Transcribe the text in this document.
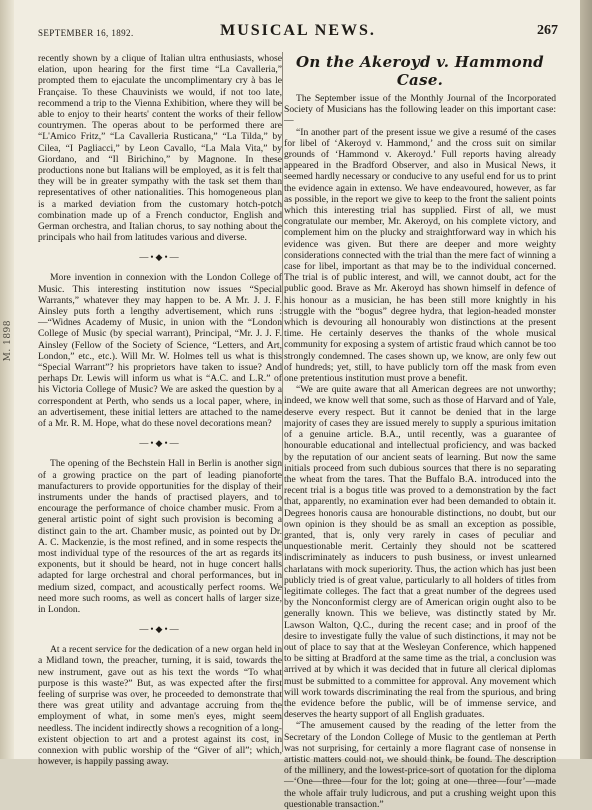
M. 1898
SEPTEMBER 16, 1892.	MUSICAL NEWS.	267

recently shown by a clique of Italian ultra enthusiasts, whose elation, upon hearing for the first time “La Cavalleria,” prompted them to ejaculate the uncomplimentary cry à bas le Française. To these Chauvinists we would, if not too late, recommend a trip to the Vienna Exhibition, where they will be able to enjoy to their hearts' content the works of their fellow countrymen. The operas about to be performed there are “L'Amico Fritz,” “La Cavalleria Rusticana,” “La Tilda,” by Cilea, “I Pagliacci,” by Leon Cavallo, “La Mala Vita,” by Giordano, and “Il Birichino,” by Magnone. In these productions none but Italians will be employed, as it is felt that they will be in greater sympathy with the task set them than representatives of other nationalities. This homogeneous plan is a marked deviation from the customary hotch-potch combination made up of a French conductor, English and German orchestra, and Italian chorus, to say nothing about the principals who hail from latitudes various and diverse.

—•◆•—

More invention in connexion with the London College of Music. This interesting institution now issues “Special Warrants,” whatever they may happen to be. A Mr. J. J. F. Ainsley puts forth a lengthy advertisement, which runs :—“Widnes Academy of Music, in union with the “London College of Music (by special warrant), Principal, “Mr. J. J. F. Ainsley (Fellow of the Society of Science, “Letters, and Art, London,” etc., etc.). Will Mr. W. Holmes tell us what is this “Special Warrant”? his proprietors have taken to issue? And perhaps Dr. Lewis will inform us what is “A.C. and L.R.” of his Victoria College of Music? We are asked the question by a correspondent at Perth, who sends us a local paper, where, in an advertisement, these initial letters are attached to the name of a Mr. R. M. Hope, what do these novel decorations mean?

—•◆•—

The opening of the Bechstein Hall in Berlin is another sign of a growing practice on the part of leading pianoforte manufacturers to provide opportunities for the display of their instruments under the hands of practised players, and to encourage the performance of choice chamber music. From a general artistic point of sight such provision is becoming a distinct gain to the art. Chamber music, as pointed out by Dr. A. C. Mackenzie, is the most refined, and in some respects the most individual type of the resources of the art as regards its exponents, but it should be heard, not in huge concert halls adapted for large orchestral and choral performances, but in medium sized, compact, and acoustically perfect rooms. We need more such rooms, as well as concert halls of larger size, in London.

—•◆•—

At a recent service for the dedication of a new organ held in a Midland town, the preacher, turning, it is said, towards the new instrument, gave out as his text the words “To what purpose is this waste?” But, as was expected after the first feeling of surprise was over, he proceeded to demonstrate that there was great utility and advantage accruing from the employment of what, in some men's eyes, might seem needless. The incident indirectly shows a recognition of a long-existent objection to art and a protest against its cost, in connexion with public worship of the “Giver of all”; which, however, is happily passing away.

On the Akeroyd v. Hammond Case.

The September issue of the Monthly Journal of the Incorporated Society of Musicians has the following leader on this important case:—

“In another part of the present issue we give a resumé of the cases for libel of ‘Akeroyd v. Hammond,’ and the cross suit on similar grounds of ‘Hammond v. Akeroyd.’ Full reports having already appeared in the Bradford Observer, and also in Musical News, it seemed hardly necessary or conducive to any useful end for us to print the evidence again in extenso. We have endeavoured, however, as far as possible, in the report we give to keep to the front the salient points which this interesting trial has supplied. First of all, we must congratulate our member, Mr. Akeroyd, on his complete victory, and complement him on the plucky and straightforward way in which his evidence was given. But there are deeper and more weighty considerations connected with the trial than the mere fact of winning a case for libel, important as that may be to the individual concerned. The trial is of public interest, and will, we cannot doubt, act for the public good. Brave as Mr. Akeroyd has shown himself in defence of his honour as a musician, he has been still more knightly in his struggle with the “bogus” degree hydra, that legion-headed monster which is devouring all honourably won distinctions at the present time. He certainly deserves the thanks of the whole musical community for exposing a system of artistic fraud which cannot be too strongly condemned. The cases shown up, we know, are only few out of hundreds; yet, still, to have publicly torn off the mask from even one pretentious institution must prove a benefit.

“We are quite aware that all American degrees are not unworthy; indeed, we know well that some, such as those of Harvard and of Yale, deserve every respect. But it cannot be denied that in the large majority of cases they are issued merely to supply a spurious imitation of a genuine article. B.A., until recently, was a guarantee of honourable educational and intellectual proficiency, and was backed by the reputation of our ancient seats of learning. But now the same initials proceed from such dubious sources that there is no separating the wheat from the tares. That the Buffalo B.A. introduced into the recent trial is a bogus title was proved to a demonstration by the fact that, apparently, no examination ever had been demanded to obtain it. Degrees honoris causa are honourable distinctions, no doubt, but our own opinion is they should be as small an exception as possible, granted, that is, only very rarely in cases of peculiar and unquestionable merit. Certainly they should not be scattered indiscriminately as inducers to push business, or invest unlearned charlatans with mock superiority. Thus, the action which has just been publicly tried is of great value, particularly to all holders of titles from legitimate colleges. The fact that a great number of the degrees used by the Nonconformist clergy are of American origin ought also to be generally known. This we believe, was distinctly stated by Mr. Lawson Walton, Q.C., during the recent case; and in proof of the desire to investigate fully the value of such distinctions, it may not be out of place to say that at the Wesleyan Conference, which happened to be sitting at Bradford at the same time as the trial, a conclusion was arrived at by which it was decided that in future all clerical diplomas must be submitted to a committee for approval. Any movement which will work towards discriminating the real from the spurious, and bring the evidence before the public, will be of immense service, and deserves the hearty support of all English graduates.

“The amusement caused by the reading of the letter from the Secretary of the London College of Music to the gentleman at Perth was not surprising, for certainly a more flagrant case of nonsense in artistic matters could not, we should think, be found. The description of the millinery, and the lowest-price-sort of quotation for the diploma—‘One—three—four for the lot; going at one—three—four’—made the whole affair truly ludicrous, and put a crushing weight upon this questionable transaction.”
